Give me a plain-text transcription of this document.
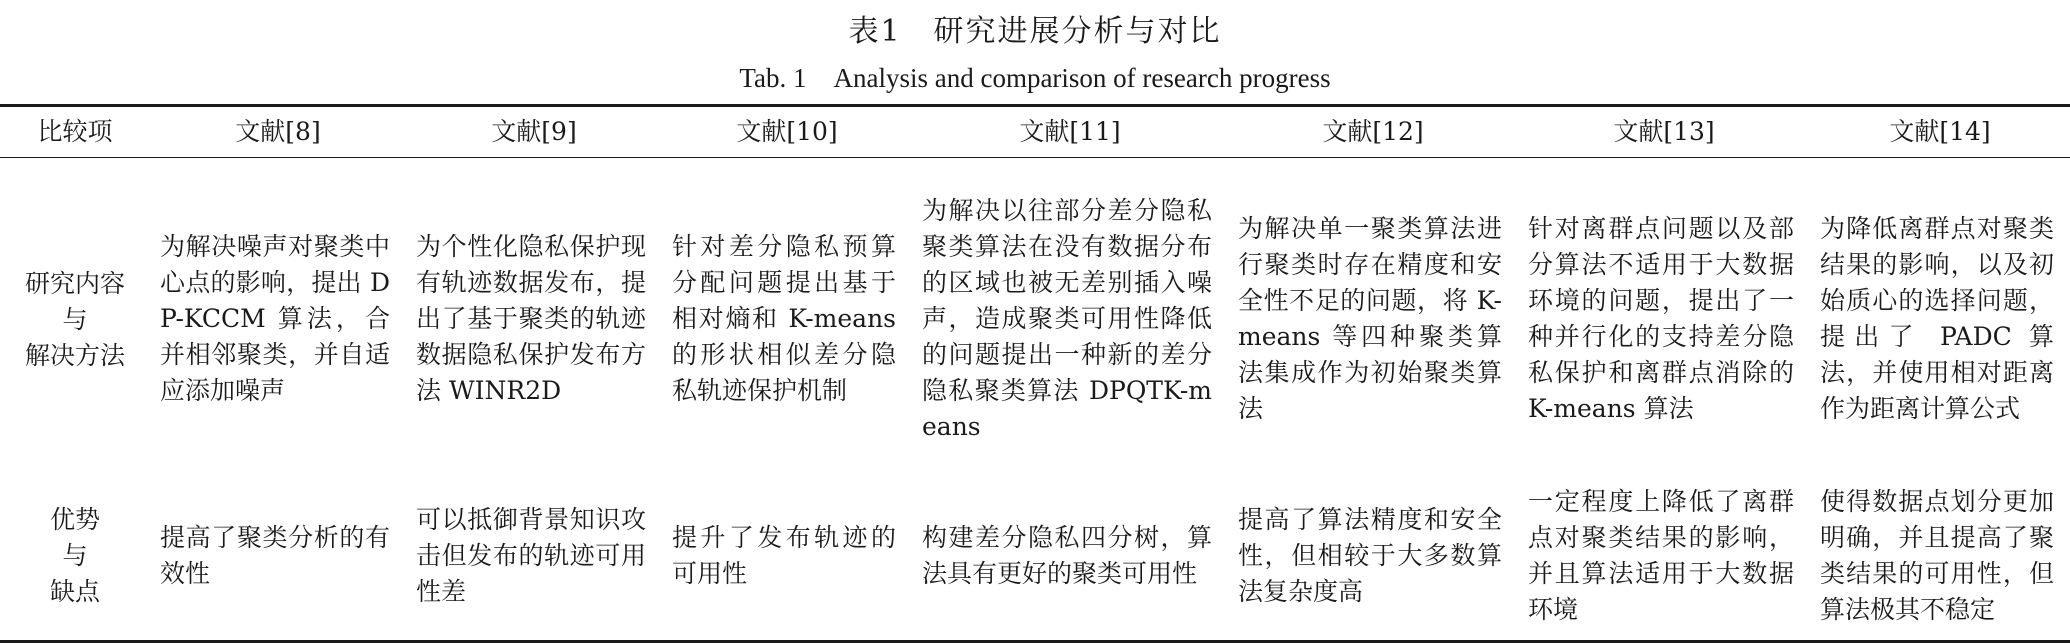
表1　研究进展分析与对比
Tab. 1　Analysis and comparison of research progress
比较项	文献[8]	文献[9]	文献[10]	文献[11]	文献[12]	文献[13]	文献[14]

研究内容
与
解决方法	为解决噪声对聚类中心点的影响，提出 DP-KCCM 算法，合并相邻聚类，并自适应添加噪声	为个性化隐私保护现有轨迹数据发布，提出了基于聚类的轨迹数据隐私保护发布方法 WINR2D	针对差分隐私预算分配问题提出基于相对熵和 K-means 的形状相似差分隐私轨迹保护机制	为解决以往部分差分隐私聚类算法在没有数据分布的区域也被无差别插入噪声，造成聚类可用性降低的问题提出一种新的差分隐私聚类算法 DPQTK-means	为解决单一聚类算法进行聚类时存在精度和安全性不足的问题，将 K-means 等四种聚类算法集成作为初始聚类算法	针对离群点问题以及部分算法不适用于大数据环境的问题，提出了一种并行化的支持差分隐私保护和离群点消除的 K-means 算法	为降低离群点对聚类结果的影响，以及初始质心的选择问题，提出了 PADC 算法，并使用相对距离作为距离计算公式

优势
与
缺点	提高了聚类分析的有效性	可以抵御背景知识攻击但发布的轨迹可用性差	提升了发布轨迹的可用性	构建差分隐私四分树，算法具有更好的聚类可用性	提高了算法精度和安全性，但相较于大多数算法复杂度高	一定程度上降低了离群点对聚类结果的影响，并且算法适用于大数据环境	使得数据点划分更加明确，并且提高了聚类结果的可用性，但算法极其不稳定
